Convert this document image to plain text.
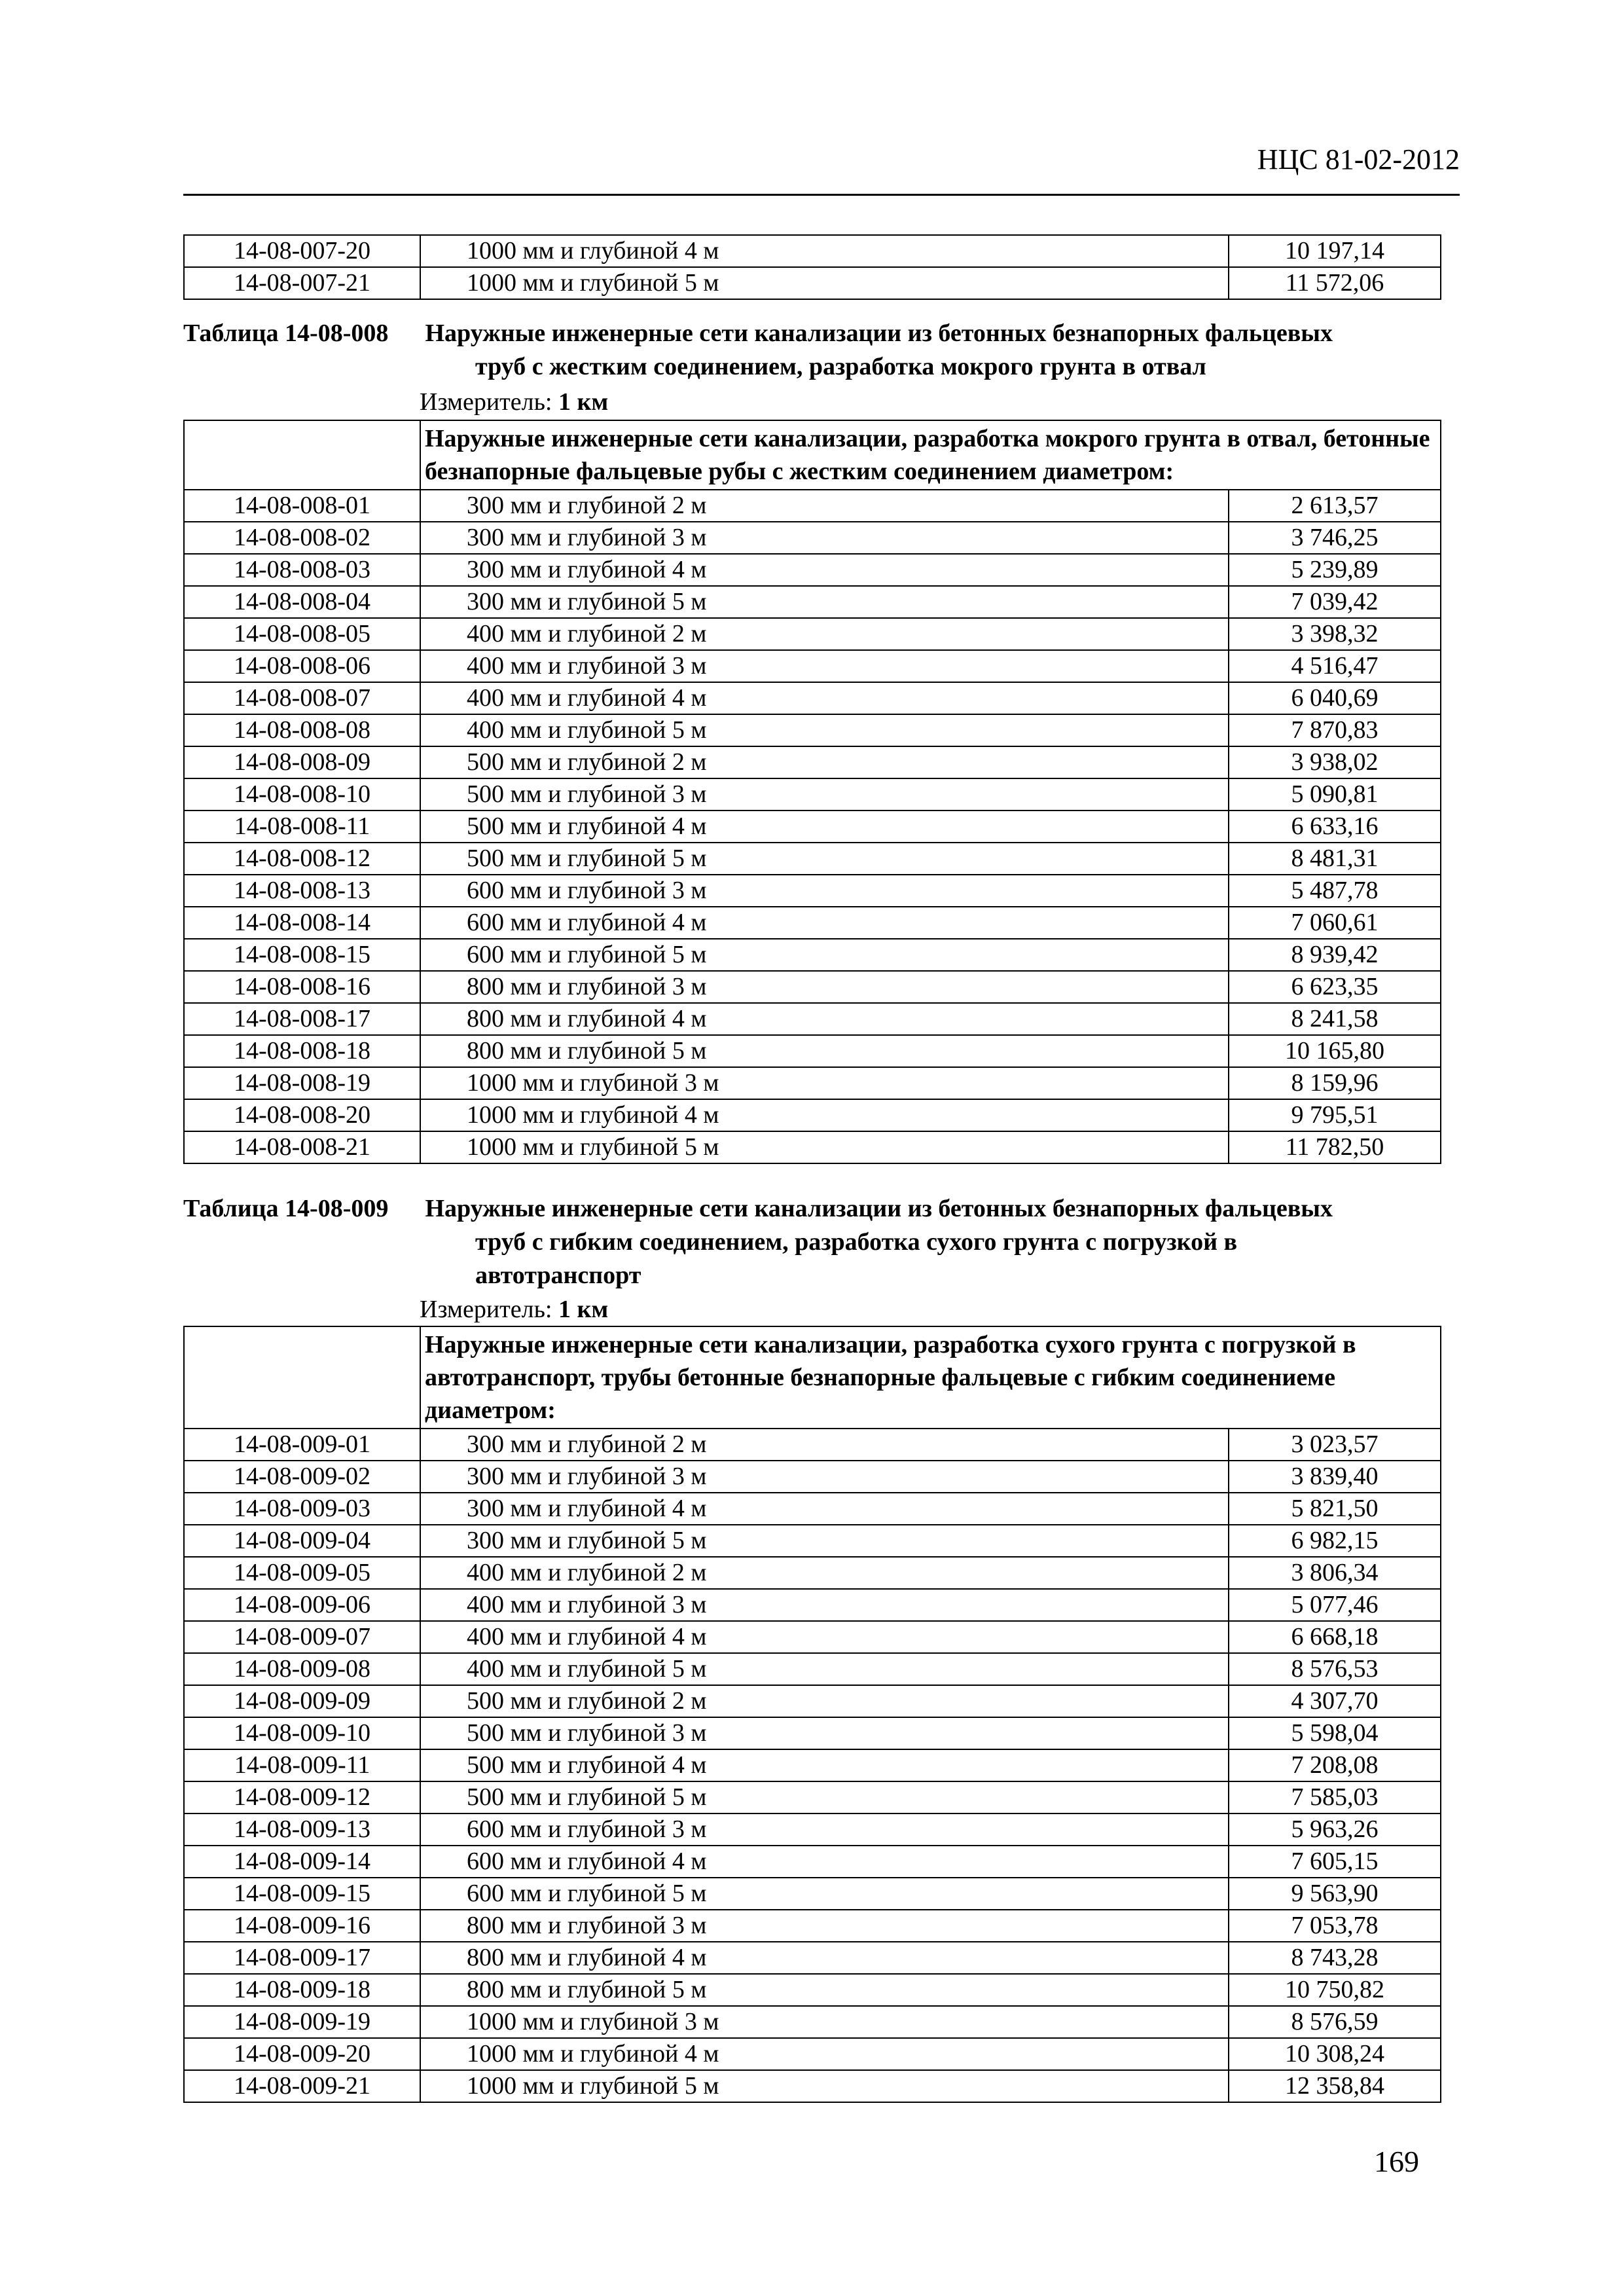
НЦС 81-02-2012
14-08-007-20	1000 мм и глубиной 4 м	10 197,14
14-08-007-21	1000 мм и глубиной 5 м	11 572,06
Таблица 14-08-008 Наружные инженерные сети канализации из бетонных безнапорных фальцевых
труб с жестким соединением, разработка мокрого грунта в отвал
Измеритель: 1 км
	Наружные инженерные сети канализации, разработка мокрого грунта в отвал, бетонные безнапорные фальцевые рубы с жестким соединением диаметром:	
14-08-008-01	300 мм и глубиной 2 м	2 613,57
14-08-008-02	300 мм и глубиной 3 м	3 746,25
14-08-008-03	300 мм и глубиной 4 м	5 239,89
14-08-008-04	300 мм и глубиной 5 м	7 039,42
14-08-008-05	400 мм и глубиной 2 м	3 398,32
14-08-008-06	400 мм и глубиной 3 м	4 516,47
14-08-008-07	400 мм и глубиной 4 м	6 040,69
14-08-008-08	400 мм и глубиной 5 м	7 870,83
14-08-008-09	500 мм и глубиной 2 м	3 938,02
14-08-008-10	500 мм и глубиной 3 м	5 090,81
14-08-008-11	500 мм и глубиной 4 м	6 633,16
14-08-008-12	500 мм и глубиной 5 м	8 481,31
14-08-008-13	600 мм и глубиной 3 м	5 487,78
14-08-008-14	600 мм и глубиной 4 м	7 060,61
14-08-008-15	600 мм и глубиной 5 м	8 939,42
14-08-008-16	800 мм и глубиной 3 м	6 623,35
14-08-008-17	800 мм и глубиной 4 м	8 241,58
14-08-008-18	800 мм и глубиной 5 м	10 165,80
14-08-008-19	1000 мм и глубиной 3 м	8 159,96
14-08-008-20	1000 мм и глубиной 4 м	9 795,51
14-08-008-21	1000 мм и глубиной 5 м	11 782,50
Таблица 14-08-009 Наружные инженерные сети канализации из бетонных безнапорных фальцевых
труб с гибким соединением, разработка сухого грунта с погрузкой в
автотранспорт
Измеритель: 1 км
	Наружные инженерные сети канализации, разработка сухого грунта с погрузкой в автотранспорт, трубы бетонные безнапорные фальцевые с гибким соединениеме диаметром:	
14-08-009-01	300 мм и глубиной 2 м	3 023,57
14-08-009-02	300 мм и глубиной 3 м	3 839,40
14-08-009-03	300 мм и глубиной 4 м	5 821,50
14-08-009-04	300 мм и глубиной 5 м	6 982,15
14-08-009-05	400 мм и глубиной 2 м	3 806,34
14-08-009-06	400 мм и глубиной 3 м	5 077,46
14-08-009-07	400 мм и глубиной 4 м	6 668,18
14-08-009-08	400 мм и глубиной 5 м	8 576,53
14-08-009-09	500 мм и глубиной 2 м	4 307,70
14-08-009-10	500 мм и глубиной 3 м	5 598,04
14-08-009-11	500 мм и глубиной 4 м	7 208,08
14-08-009-12	500 мм и глубиной 5 м	7 585,03
14-08-009-13	600 мм и глубиной 3 м	5 963,26
14-08-009-14	600 мм и глубиной 4 м	7 605,15
14-08-009-15	600 мм и глубиной 5 м	9 563,90
14-08-009-16	800 мм и глубиной 3 м	7 053,78
14-08-009-17	800 мм и глубиной 4 м	8 743,28
14-08-009-18	800 мм и глубиной 5 м	10 750,82
14-08-009-19	1000 мм и глубиной 3 м	8 576,59
14-08-009-20	1000 мм и глубиной 4 м	10 308,24
14-08-009-21	1000 мм и глубиной 5 м	12 358,84
169
